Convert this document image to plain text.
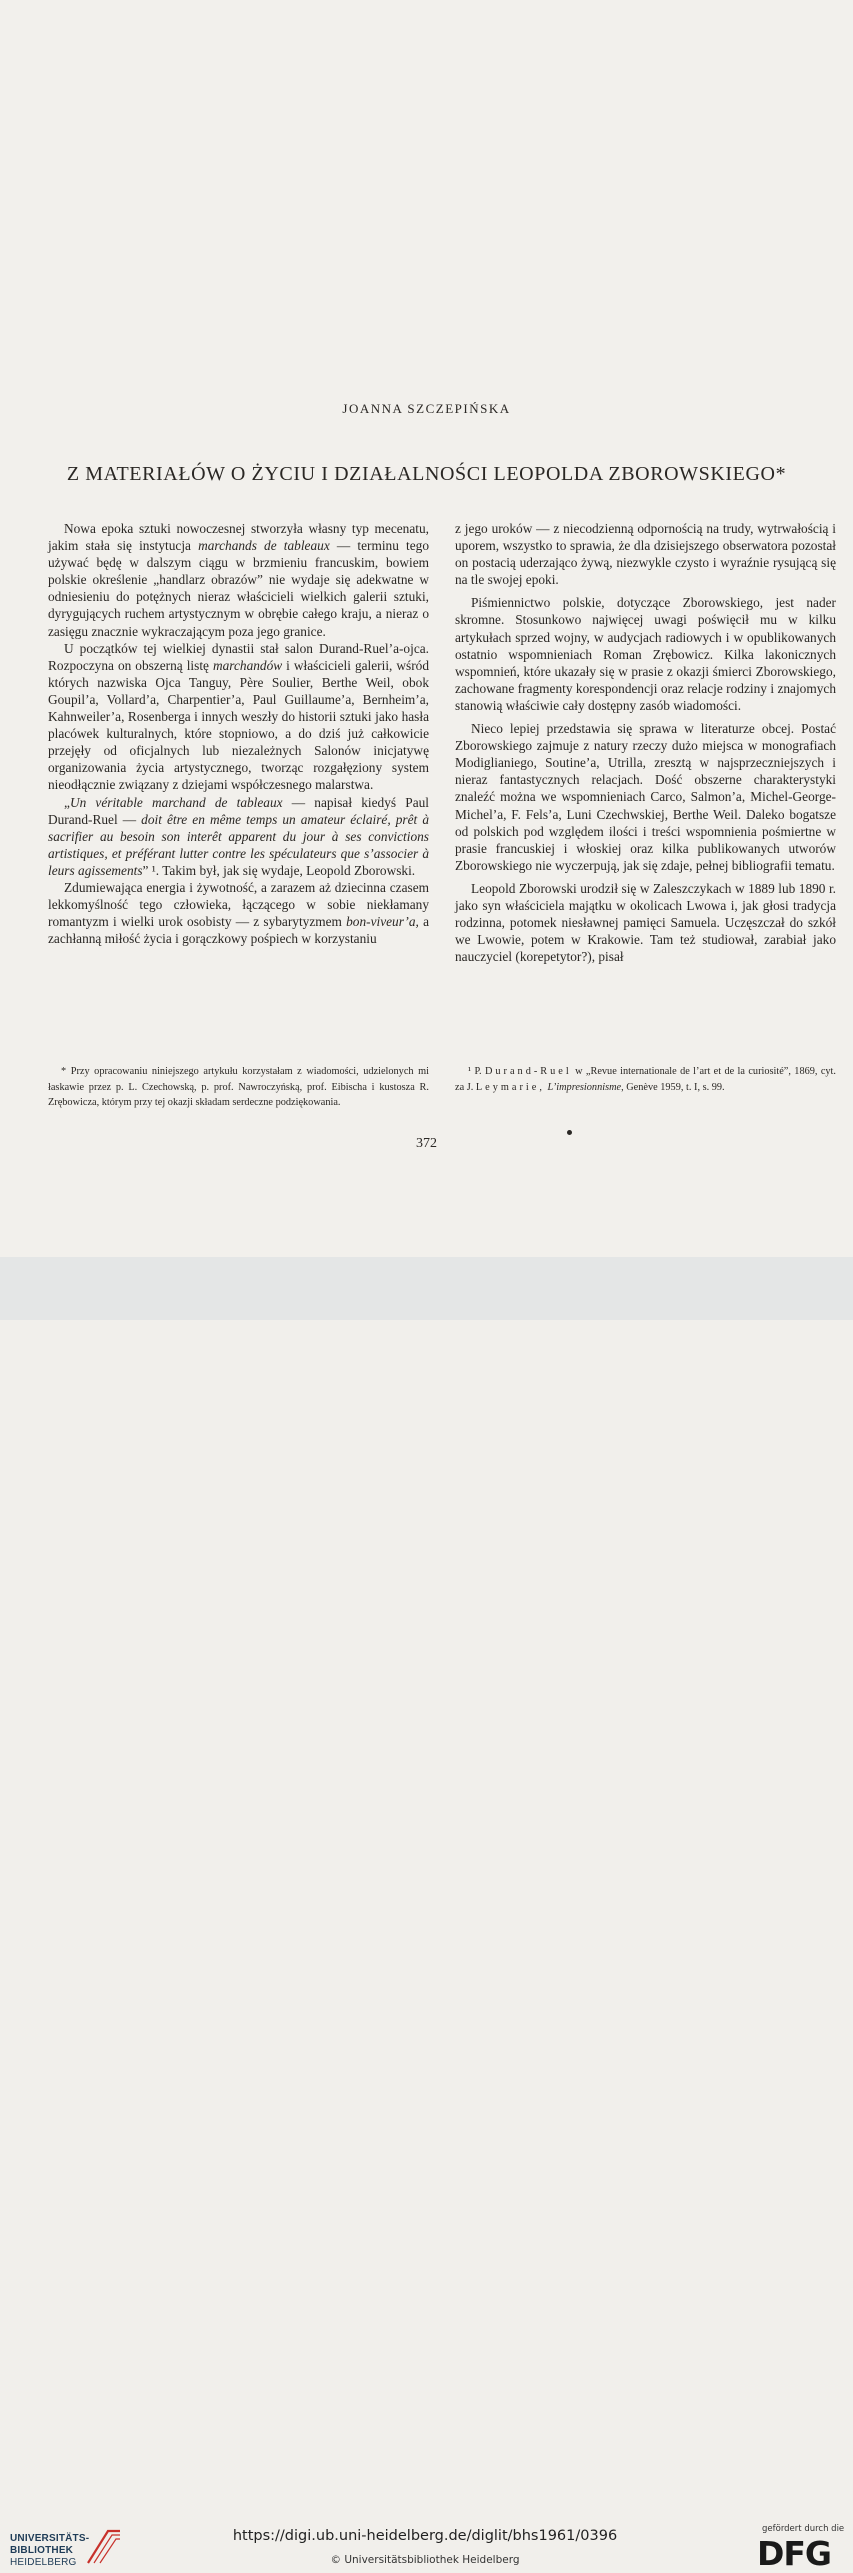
JOANNA SZCZEPIŃSKA
Z MATERIAŁÓW O ŻYCIU I DZIAŁALNOŚCI LEOPOLDA ZBOROWSKIEGO*

Nowa epoka sztuki nowoczesnej stworzyła własny typ mecenatu, jakim stała się instytucja marchands de tableaux — terminu tego używać będę w dalszym ciągu w brzmieniu francuskim, bowiem polskie określenie „handlarz obrazów” nie wydaje się adekwatne w odniesieniu do potężnych nieraz właścicieli wielkich galerii sztuki, dyrygujących ruchem artystycznym w obrębie całego kraju, a nieraz o zasięgu znacznie wykraczającym poza jego granice.

U początków tej wielkiej dynastii stał salon Durand-Ruel’a-ojca. Rozpoczyna on obszerną listę marchandów i właścicieli galerii, wśród których nazwiska Ojca Tanguy, Père Soulier, Berthe Weil, obok Goupil’a, Vollard’a, Charpentier’a, Paul Guillaume’a, Bernheim’a, Kahnweiler’a, Rosenberga i innych weszły do historii sztuki jako hasła placówek kulturalnych, które stopniowo, a do dziś już całkowicie przejęły od oficjalnych lub niezależnych Salonów inicjatywę organizowania życia artystycznego, tworząc rozgałęziony system nieodłącznie związany z dziejami współczesnego malarstwa.

„Un véritable marchand de tableaux — napisał kiedyś Paul Durand-Ruel — doit être en même temps un amateur éclairé, prêt à sacrifier au besoin son interêt apparent du jour à ses convictions artistiques, et préférant lutter contre les spéculateurs que s’associer à leurs agissements” ¹. Takim był, jak się wydaje, Leopold Zborowski.

Zdumiewająca energia i żywotność, a zarazem aż dziecinna czasem lekkomyślność tego człowieka, łączącego w sobie niekłamany romantyzm i wielki urok osobisty — z sybarytyzmem bon-viveur’a, a zachłanną miłość życia i gorączkowy pośpiech w korzystaniu

z jego uroków — z niecodzienną odpornością na trudy, wytrwałością i uporem, wszystko to sprawia, że dla dzisiejszego obserwatora pozostał on postacią uderzająco żywą, niezwykle czysto i wyraźnie rysującą się na tle swojej epoki.

Piśmiennictwo polskie, dotyczące Zborowskiego, jest nader skromne. Stosunkowo najwięcej uwagi poświęcił mu w kilku artykułach sprzed wojny, w audycjach radiowych i w opublikowanych ostatnio wspomnieniach Roman Zrębowicz. Kilka lakonicznych wspomnień, które ukazały się w prasie z okazji śmierci Zborowskiego, zachowane fragmenty korespondencji oraz relacje rodziny i znajomych stanowią właściwie cały dostępny zasób wiadomości.

Nieco lepiej przedstawia się sprawa w literaturze obcej. Postać Zborowskiego zajmuje z natury rzeczy dużo miejsca w monografiach Modiglianiego, Soutine’a, Utrilla, zresztą w najsprzeczniejszych i nieraz fantastycznych relacjach. Dość obszerne charakterystyki znaleźć można we wspomnieniach Carco, Salmon’a, Michel-George-Michel’a, F. Fels’a, Luni Czechwskiej, Berthe Weil. Daleko bogatsze od polskich pod względem ilości i treści wspomnienia pośmiertne w prasie francuskiej i włoskiej oraz kilka publikowanych utworów Zborowskiego nie wyczerpują, jak się zdaje, pełnej bibliografii tematu.

Leopold Zborowski urodził się w Zaleszczykach w 1889 lub 1890 r. jako syn właściciela majątku w okolicach Lwowa i, jak głosi tradycja rodzinna, potomek niesławnej pamięci Samuela. Uczęszczał do szkół we Lwowie, potem w Krakowie. Tam też studiował, zarabiał jako nauczyciel (korepetytor?), pisał

* Przy opracowaniu niniejszego artykułu korzystałam z wiadomości, udzielonych mi łaskawie przez p. L. Czechowską, p. prof. Nawroczyńską, prof. Eibischa i kustosza R. Zrębowicza, którym przy tej okazji składam serdeczne podziękowania.

¹ P. Durand-Ruel w „Revue internationale de l’art et de la curiosité”, 1869, cyt. za J. Leymarie, L’impresionnisme, Genève 1959, t. I, s. 99.

372
UNIVERSITÄTS-
BIBLIOTHEK
HEIDELBERG
https://digi.ub.uni-heidelberg.de/diglit/bhs1961/0396
© Universitätsbibliothek Heidelberg
gefördert durch die
DFG
